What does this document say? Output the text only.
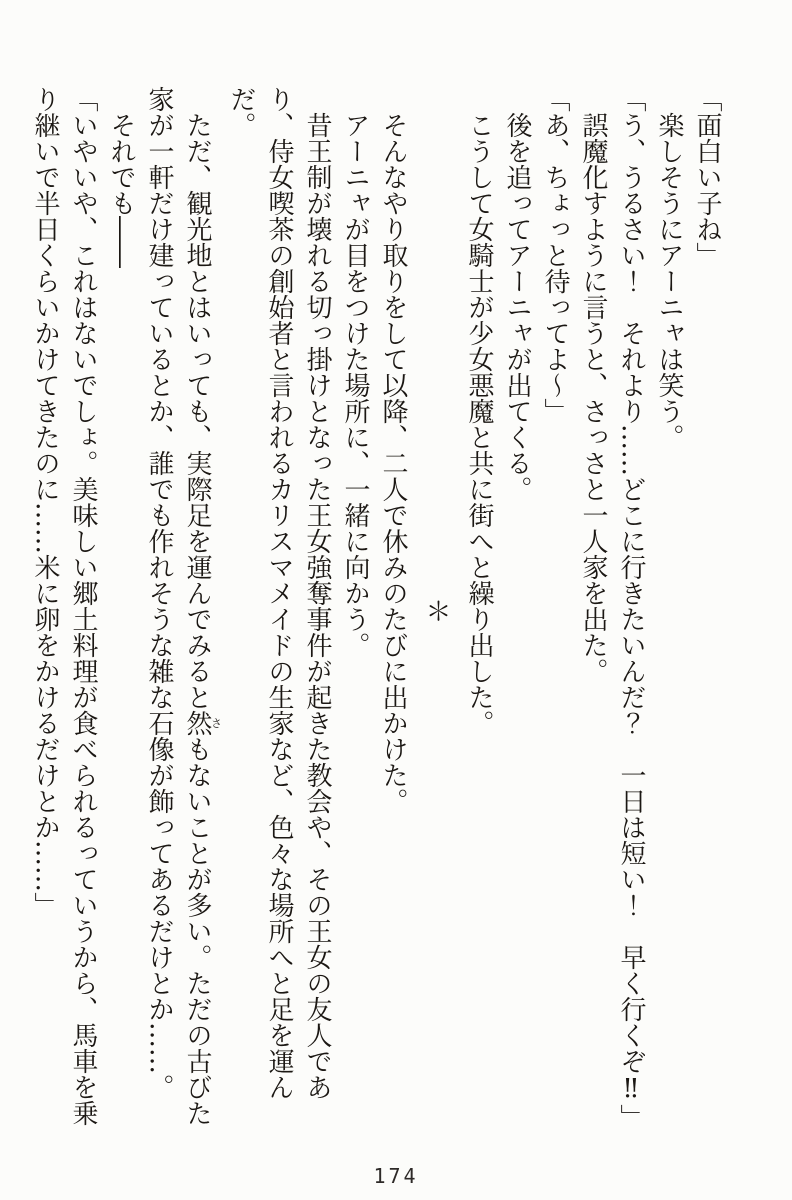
「面白い子ね」

楽しそうにアーニャは笑う。

「う、うるさい！　それより……どこに行きたいんだ？　一日は短い！　早く行くぞ‼」

誤魔化すように言うと、さっさと一人家を出た。

「あ、ちょっと待ってよ～」

後を追ってアーニャが出てくる。

こうして女騎士が少女悪魔と共に街へと繰り出した。

＊

そんなやり取りをして以降、二人で休みのたびに出かけた。

アーニャが目をつけた場所に、一緒に向かう。

昔王制が壊れる切っ掛けとなった王女強奪事件が起きた教会や、その王女の友人であり、侍女喫茶の創始者と言われるカリスマメイドの生家など、色々な場所へと足を運んだ。

ただ、観光地とはいっても、実際足を運んでみると然さもないことが多い。ただの古びた家が一軒だけ建っているとか、誰でも作れそうな雑な石像が飾ってあるだけとか……。

それでも――

「いやいや、これはないでしょ。美味しい郷土料理が食べられるっていうから、馬車を乗り継いで半日くらいかけてきたのに……米に卵をかけるだけとか……」

174
